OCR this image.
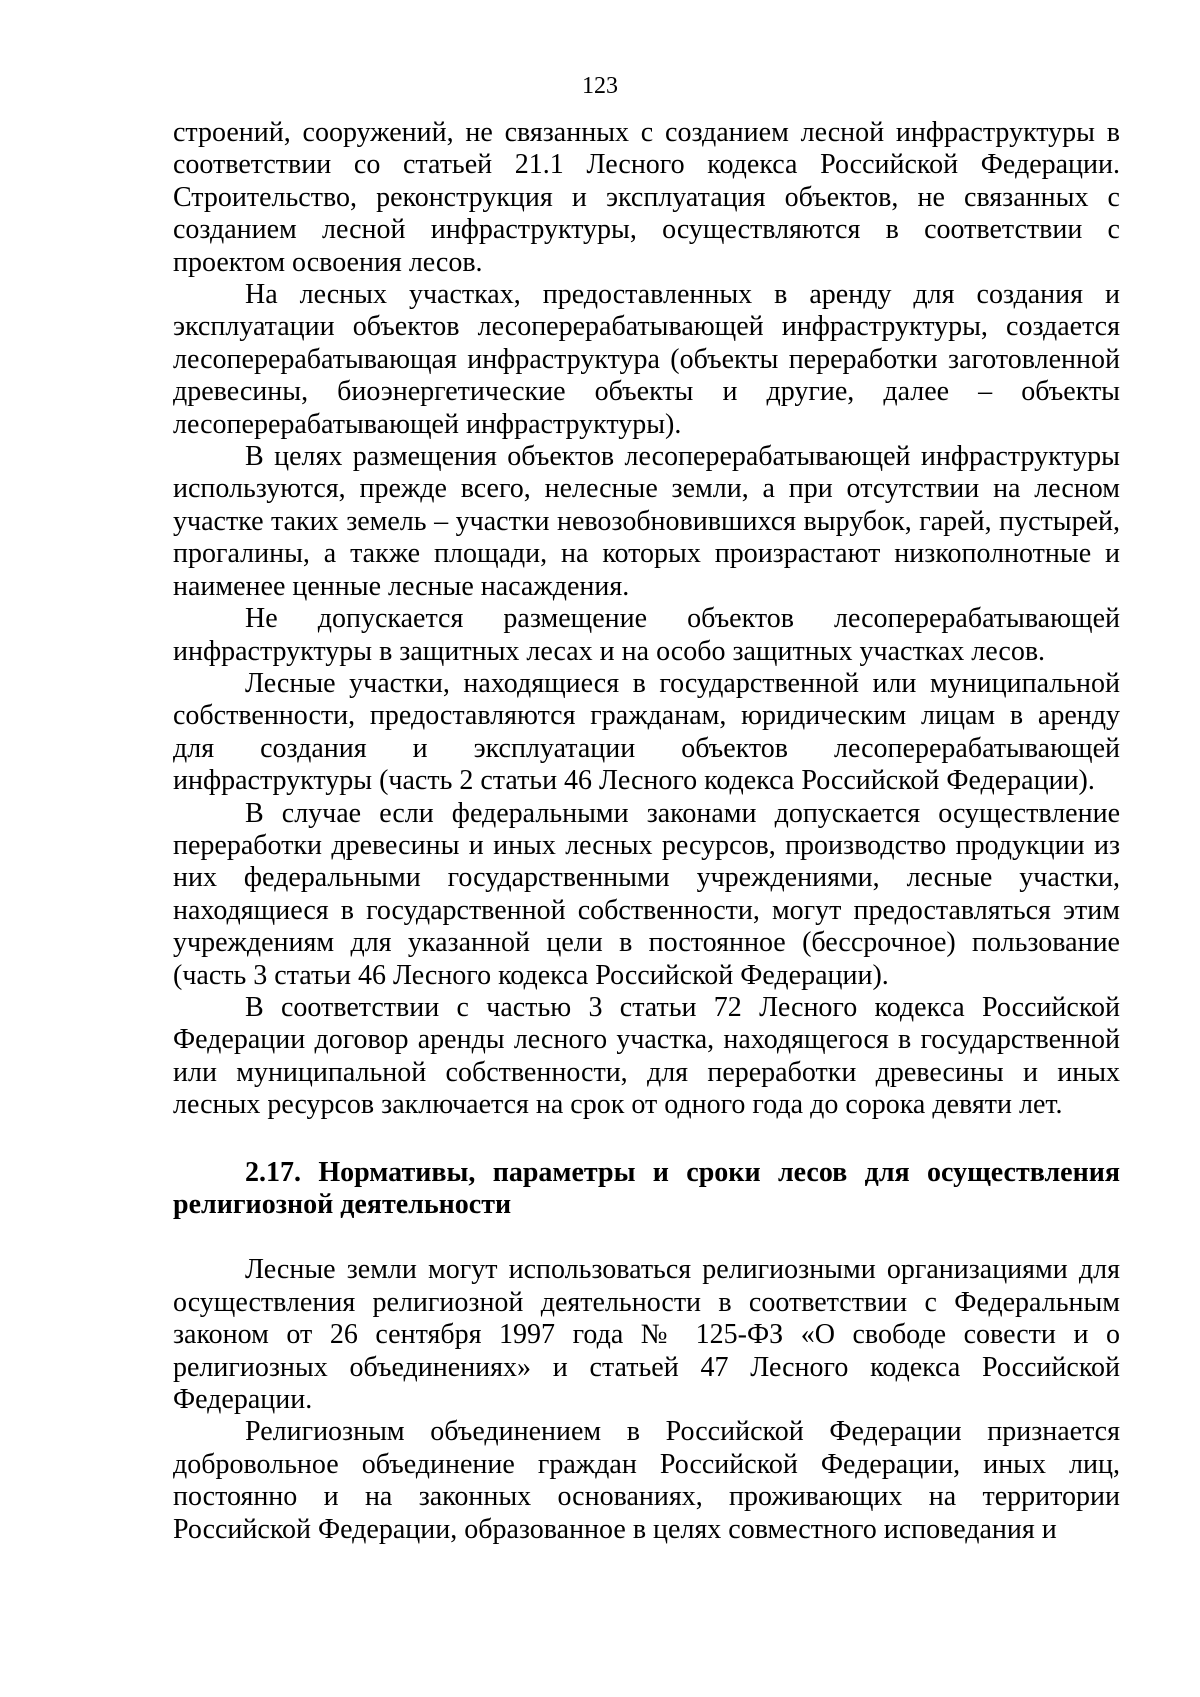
123

строений, сооружений, не связанных с созданием лесной инфраструктуры в соответствии со статьей 21.1 Лесного кодекса Российской Федерации. Строительство, реконструкция и эксплуатация объектов, не связанных с созданием лесной инфраструктуры, осуществляются в соответствии с проектом освоения лесов.

На лесных участках, предоставленных в аренду для создания и эксплуатации объектов лесоперерабатывающей инфраструктуры, создается лесоперерабатывающая инфраструктура (объекты переработки заготовленной древесины, биоэнергетические объекты и другие, далее – объекты лесоперерабатывающей инфраструктуры).

В целях размещения объектов лесоперерабатывающей инфраструктуры используются, прежде всего, нелесные земли, а при отсутствии на лесном участке таких земель – участки невозобновившихся вырубок, гарей, пустырей, прогалины, а также площади, на которых произрастают низкополнотные и наименее ценные лесные насаждения.

Не допускается размещение объектов лесоперерабатывающей инфраструктуры в защитных лесах и на особо защитных участках лесов.

Лесные участки, находящиеся в государственной или муниципальной собственности, предоставляются гражданам, юридическим лицам в аренду для создания и эксплуатации объектов лесоперерабатывающей инфраструктуры (часть 2 статьи 46 Лесного кодекса Российской Федерации).

В случае если федеральными законами допускается осуществление переработки древесины и иных лесных ресурсов, производство продукции из них федеральными государственными учреждениями, лесные участки, находящиеся в государственной собственности, могут предоставляться этим учреждениям для указанной цели в постоянное (бессрочное) пользование (часть 3 статьи 46 Лесного кодекса Российской Федерации).

В соответствии с частью 3 статьи 72 Лесного кодекса Российской Федерации договор аренды лесного участка, находящегося в государственной или муниципальной собственности, для переработки древесины и иных лесных ресурсов заключается на срок от одного года до сорока девяти лет.

2.17. Нормативы, параметры и сроки лесов для осуществления религиозной деятельности

Лесные земли могут использоваться религиозными организациями для осуществления религиозной деятельности в соответствии с Федеральным законом от 26 сентября 1997 года № 125-ФЗ «О свободе совести и о религиозных объединениях» и статьей 47 Лесного кодекса Российской Федерации.

Религиозным объединением в Российской Федерации признается добровольное объединение граждан Российской Федерации, иных лиц, постоянно и на законных основаниях, проживающих на территории Российской Федерации, образованное в целях совместного исповедания и
